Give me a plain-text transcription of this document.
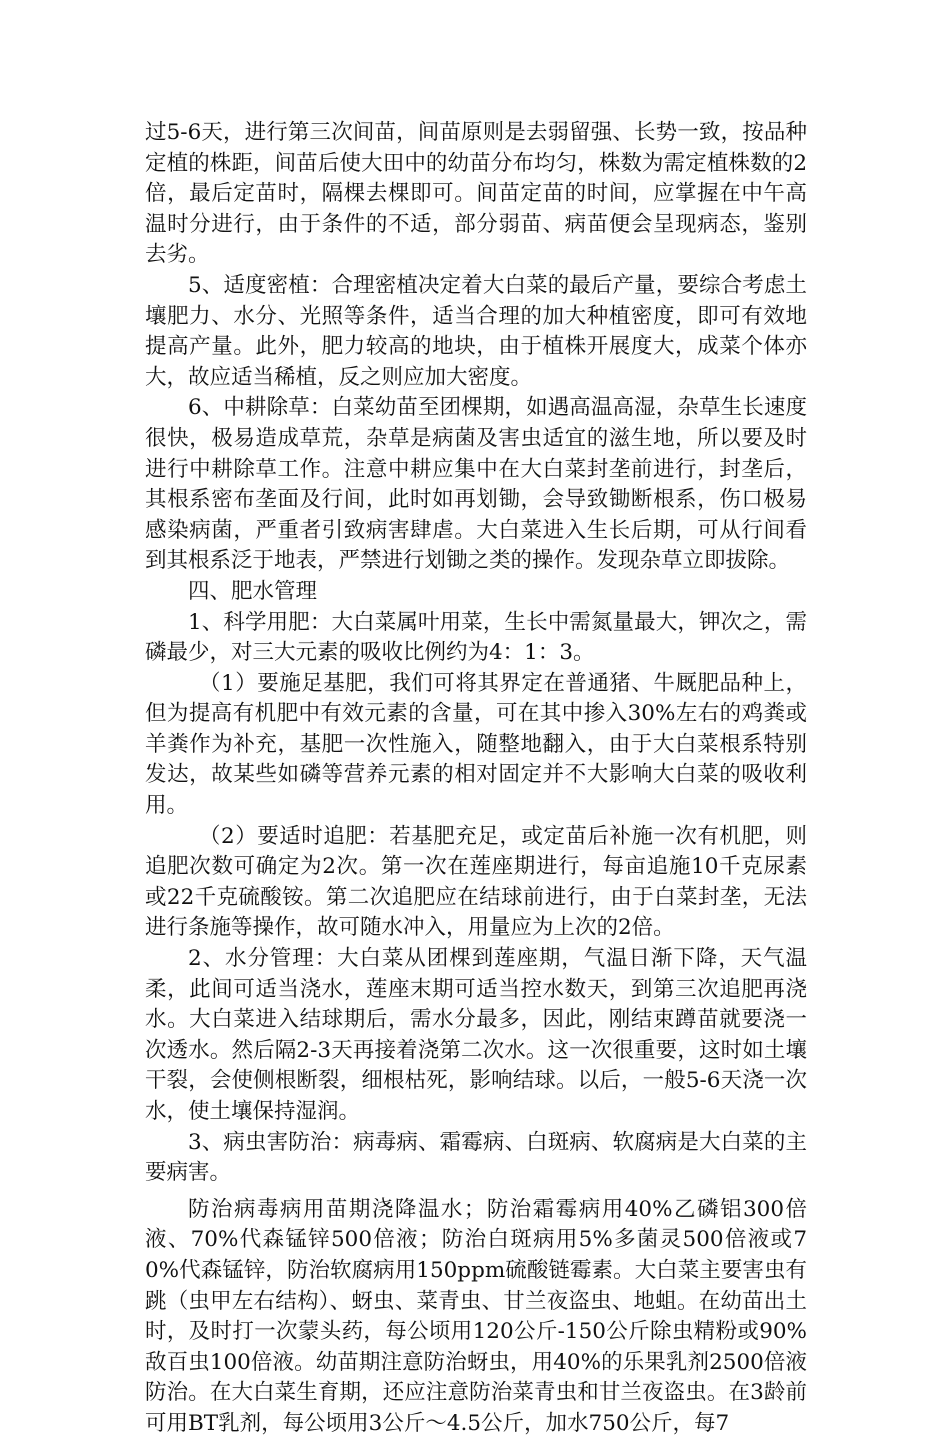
过5-6天，进行第三次间苗，间苗原则是去弱留强、长势一致，按品种定植的株距，间苗后使大田中的幼苗分布均匀，株数为需定植株数的2倍，最后定苗时，隔棵去棵即可。间苗定苗的时间，应掌握在中午高温时分进行，由于条件的不适，部分弱苗、病苗便会呈现病态，鉴别去劣。

5、适度密植：合理密植决定着大白菜的最后产量，要综合考虑土壤肥力、水分、光照等条件，适当合理的加大种植密度，即可有效地提高产量。此外，肥力较高的地块，由于植株开展度大，成菜个体亦大，故应适当稀植，反之则应加大密度。

6、中耕除草：白菜幼苗至团棵期，如遇高温高湿，杂草生长速度很快，极易造成草荒，杂草是病菌及害虫适宜的滋生地，所以要及时进行中耕除草工作。注意中耕应集中在大白菜封垄前进行，封垄后，其根系密布垄面及行间，此时如再划锄，会导致锄断根系，伤口极易感染病菌，严重者引致病害肆虐。大白菜进入生长后期，可从行间看到其根系泛于地表，严禁进行划锄之类的操作。发现杂草立即拔除。

四、肥水管理

1、科学用肥：大白菜属叶用菜，生长中需氮量最大，钾次之，需磷最少，对三大元素的吸收比例约为4：1：3。

（1）要施足基肥，我们可将其界定在普通猪、牛厩肥品种上，但为提高有机肥中有效元素的含量，可在其中掺入30%左右的鸡粪或羊粪作为补充，基肥一次性施入，随整地翻入，由于大白菜根系特别发达，故某些如磷等营养元素的相对固定并不大影响大白菜的吸收利用。

（2）要适时追肥：若基肥充足，或定苗后补施一次有机肥，则追肥次数可确定为2次。第一次在莲座期进行，每亩追施10千克尿素或22千克硫酸铵。第二次追肥应在结球前进行，由于白菜封垄，无法进行条施等操作，故可随水冲入，用量应为上次的2倍。

2、水分管理：大白菜从团棵到莲座期，气温日渐下降，天气温柔，此间可适当浇水，莲座末期可适当控水数天，到第三次追肥再浇水。大白菜进入结球期后，需水分最多，因此，刚结束蹲苗就要浇一次透水。然后隔2-3天再接着浇第二次水。这一次很重要，这时如土壤干裂，会使侧根断裂，细根枯死，影响结球。以后，一般5-6天浇一次水，使土壤保持湿润。

3、病虫害防治：病毒病、霜霉病、白斑病、软腐病是大白菜的主要病害。

防治病毒病用苗期浇降温水；防治霜霉病用40%乙磷铝300倍液、70%代森锰锌500倍液；防治白斑病用5%多菌灵500倍液或70%代森锰锌，防治软腐病用150ppm硫酸链霉素。大白菜主要害虫有跳（虫甲左右结构）、蚜虫、菜青虫、甘兰夜盗虫、地蛆。在幼苗出土时，及时打一次蒙头药，每公顷用120公斤-150公斤除虫精粉或90%敌百虫100倍液。幼苗期注意防治蚜虫，用40%的乐果乳剂2500倍液防治。在大白菜生育期，还应注意防治菜青虫和甘兰夜盗虫。在3龄前可用BT乳剂，每公顷用3公斤～4.5公斤，加水750公斤，每7
